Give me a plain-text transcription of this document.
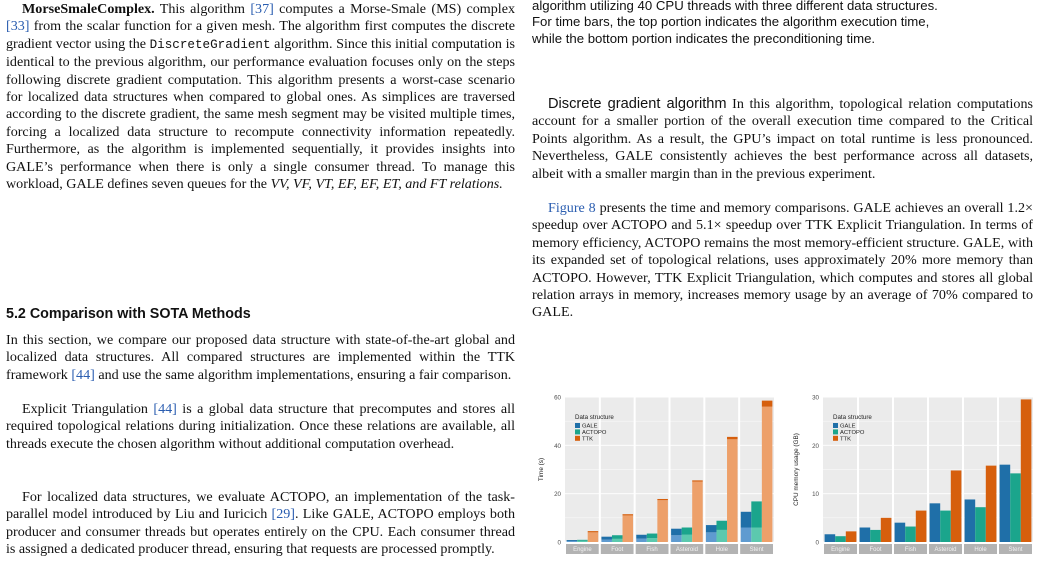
MorseSmaleComplex. This algorithm [37] computes a Morse-Smale (MS) complex [33] from the scalar function for a given mesh. The algorithm first computes the discrete gradient vector using the DiscreteGradient algorithm. Since this initial computation is identical to the previous algorithm, our performance evaluation focuses only on the steps following discrete gradient computation. This algorithm presents a worst-case scenario for localized data structures when compared to global ones. As simplices are traversed according to the discrete gradient, the same mesh segment may be visited multiple times, forcing a localized data structure to recompute connectivity information repeatedly. Furthermore, as the algorithm is implemented sequentially, it provides insights into GALE’s performance when there is only a single consumer thread. To manage this workload, GALE defines seven queues for the VV, VF, VT, EF, EF, ET, and FT relations.

5.2 Comparison with SOTA Methods

In this section, we compare our proposed data structure with state-of-the-art global and localized data structures. All compared structures are implemented within the TTK framework [44] and use the same algorithm implementations, ensuring a fair comparison.

Explicit Triangulation [44] is a global data structure that precomputes and stores all required topological relations during initialization. Once these relations are available, all threads execute the chosen algorithm without additional computation overhead.

For localized data structures, we evaluate ACTOPO, an implementation of the task-parallel model introduced by Liu and Iuricich [29]. Like GALE, ACTOPO employs both producer and consumer threads but operates entirely on the CPU. Each consumer thread is assigned a dedicated producer thread, ensuring that requests are processed promptly.

algorithm utilizing 40 CPU threads with three different data structures.

For time bars, the top portion indicates the algorithm execution time,

while the bottom portion indicates the preconditioning time.

Discrete gradient algorithm In this algorithm, topological relation computations account for a smaller portion of the overall execution time compared to the Critical Points algorithm. As a result, the GPU’s impact on total runtime is less pronounced. Nevertheless, GALE consistently achieves the best performance across all datasets, albeit with a smaller margin than in the previous experiment.

Figure 8 presents the time and memory comparisons. GALE achieves an overall 1.2× speedup over ACTOPO and 5.1× speedup over TTK Explicit Triangulation. In terms of memory efficiency, ACTOPO remains the most memory-efficient structure. GALE, with its expanded set of topological relations, uses approximately 20% more memory than ACTOPO. However, TTK Explicit Triangulation, which computes and stores all global relation arrays in memory, increases memory usage by an average of 70% compared to GALE.

0
20
40
60
Time (s)
Engine	Foot	Fish	Asteroid	Hole	Stent
Data structure
GALE
ACTOPO
TTK
0
10
20
30
CPU memory usage (GB)
Engine	Foot	Fish	Asteroid	Hole	Stent
Data structure
GALE
ACTOPO
TTK
